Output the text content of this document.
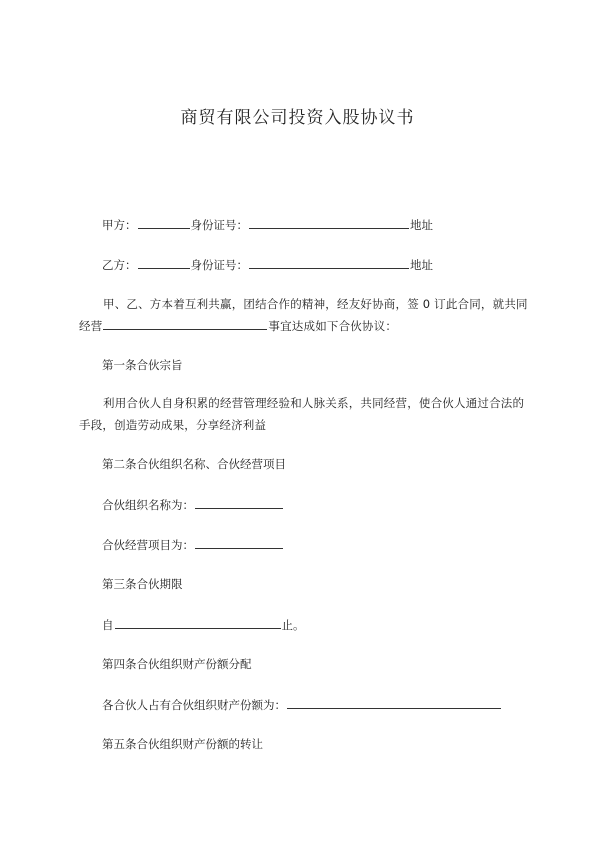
商贸有限公司投资入股协议书
甲方：	身份证号：	地址
乙方：	身份证号：	地址
甲、乙、方本着互利共赢，团结合作的精神，经友好协商，签 0 订此合同，就共同经营	事宜达成如下合伙协议：
第一条合伙宗旨
利用合伙人自身积累的经营管理经验和人脉关系，共同经营，使合伙人通过合法的手段，创造劳动成果，分享经济利益
第二条合伙组织名称、合伙经营项目
合伙组织名称为：
合伙经营项目为：
第三条合伙期限
自	止。
第四条合伙组织财产份额分配
各合伙人占有合伙组织财产份额为：
第五条合伙组织财产份额的转让
